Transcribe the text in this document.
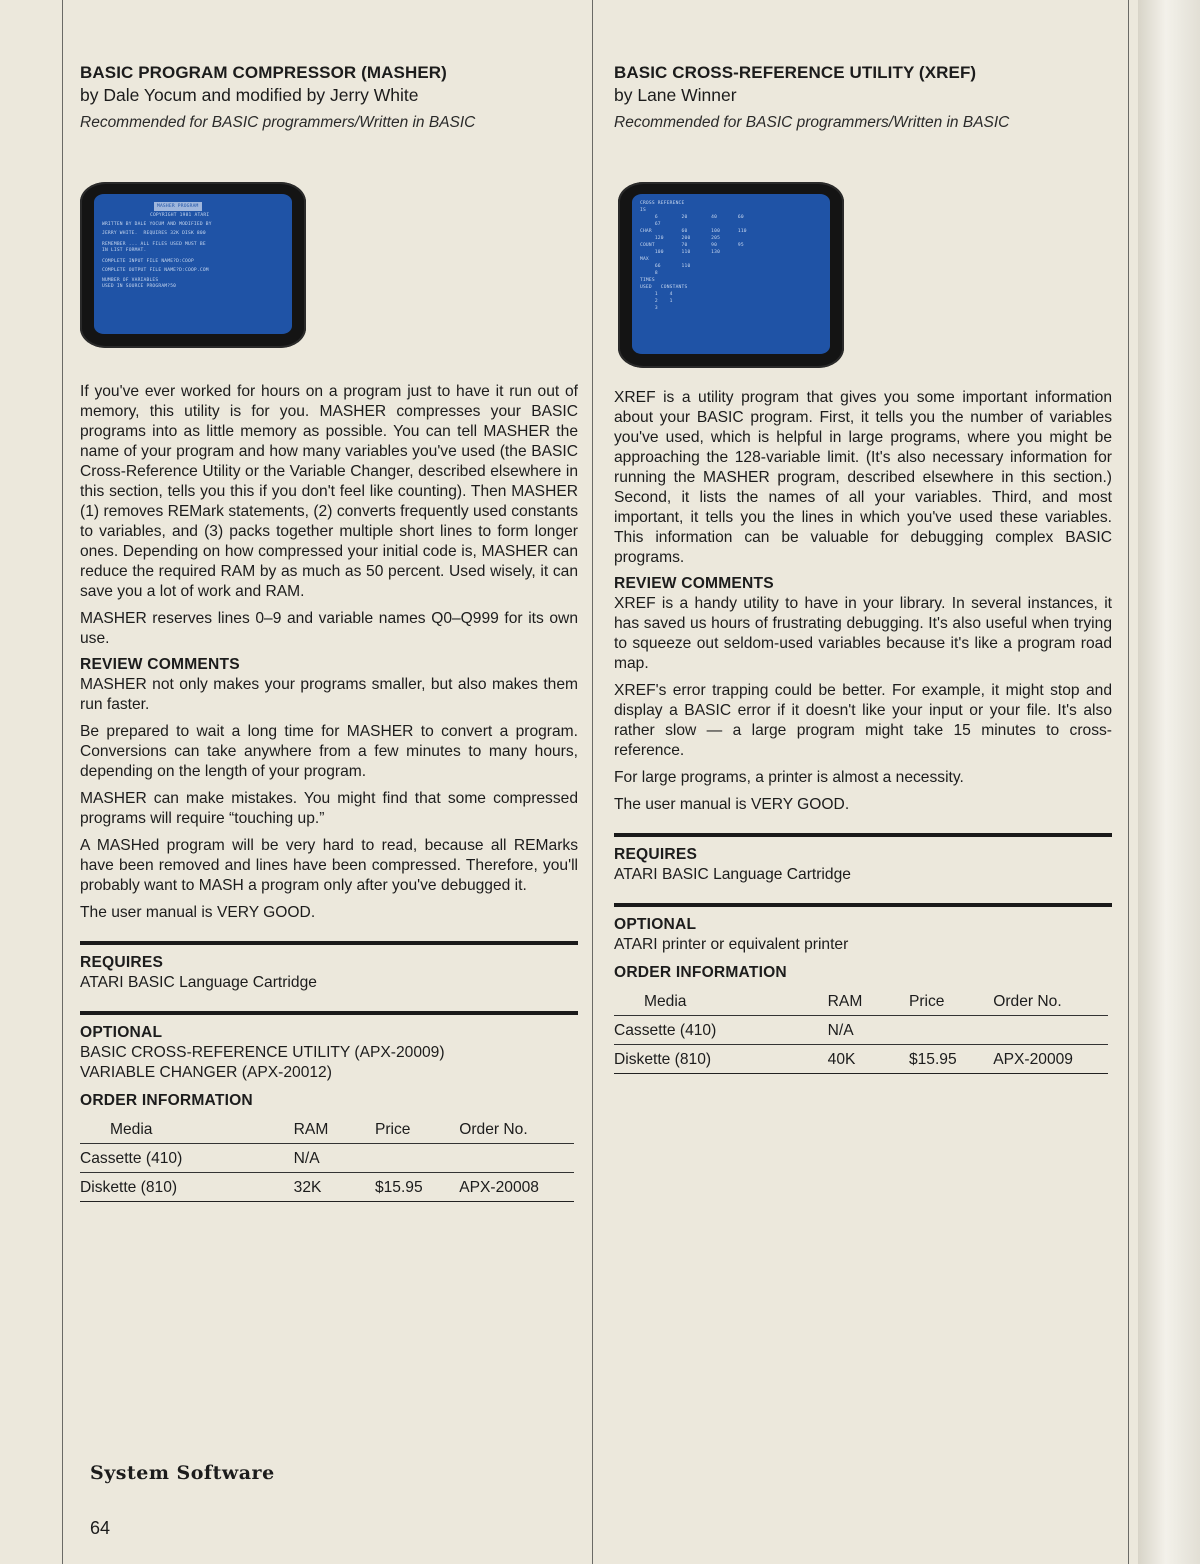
BASIC PROGRAM COMPRESSOR (MASHER)

by Dale Yocum and modified by Jerry White

Recommended for BASIC programmers/Written in BASIC

MASHER PROGRAM
COPYRIGHT 1981 ATARI
WRITTEN BY DALE YOCUM AND MODIFIED BY
JERRY WHITE.  REQUIRES 32K DISK 800
REMEMBER ... ALL FILES USED MUST BE
IN LIST FORMAT.
COMPLETE INPUT FILE NAME?D:COOP
COMPLETE OUTPUT FILE NAME?D:COOP.COM
NUMBER OF VARIABLES
USED IN SOURCE PROGRAM?50

If you've ever worked for hours on a program just to have it run out of memory, this utility is for you. MASHER compresses your BASIC programs into as little memory as possible. You can tell MASHER the name of your program and how many variables you've used (the BASIC Cross-Reference Utility or the Variable Changer, described elsewhere in this section, tells you this if you don't feel like counting). Then MASHER (1) removes REMark statements, (2) converts frequently used constants to variables, and (3) packs together multiple short lines to form longer ones. Depending on how compressed your initial code is, MASHER can reduce the required RAM by as much as 50 percent. Used wisely, it can save you a lot of work and RAM.

MASHER reserves lines 0–9 and variable names Q0–Q999 for its own use.

REVIEW COMMENTS

MASHER not only makes your programs smaller, but also makes them run faster.

Be prepared to wait a long time for MASHER to convert a program. Conversions can take anywhere from a few minutes to many hours, depending on the length of your program.

MASHER can make mistakes. You might find that some compressed programs will require “touching up.”

A MASHed program will be very hard to read, because all REMarks have been removed and lines have been compressed. Therefore, you'll probably want to MASH a program only after you've debugged it.

The user manual is VERY GOOD.

REQUIRES

ATARI BASIC Language Cartridge

OPTIONAL

BASIC CROSS-REFERENCE UTILITY (APX-20009)

VARIABLE CHANGER (APX-20012)

ORDER INFORMATION

Media	RAM	Price	Order No.
Cassette (410)	N/A		
Diskette (810)	32K	$15.95	APX-20008

BASIC CROSS-REFERENCE UTILITY (XREF)

by Lane Winner

Recommended for BASIC programmers/Written in BASIC

CROSS REFERENCE
IS
6        20        40       60
67
CHAR          60        100      110
120      200       205
COUNT         70        90       95
100      110       130
MAX
66       110
8
TIMES
USED   CONSTANTS
1    4
2    1
3

XREF is a utility program that gives you some important information about your BASIC program. First, it tells you the number of variables you've used, which is helpful in large programs, where you might be approaching the 128-variable limit. (It's also necessary information for running the MASHER program, described elsewhere in this section.) Second, it lists the names of all your variables. Third, and most important, it tells you the lines in which you've used these variables. This information can be valuable for debugging complex BASIC programs.

REVIEW COMMENTS

XREF is a handy utility to have in your library. In several instances, it has saved us hours of frustrating debugging. It's also useful when trying to squeeze out seldom-used variables because it's like a program road map.

XREF's error trapping could be better. For example, it might stop and display a BASIC error if it doesn't like your input or your file. It's also rather slow — a large program might take 15 minutes to cross-reference.

For large programs, a printer is almost a necessity.

The user manual is VERY GOOD.

REQUIRES

ATARI BASIC Language Cartridge

OPTIONAL

ATARI printer or equivalent printer

ORDER INFORMATION

Media	RAM	Price	Order No.
Cassette (410)	N/A		
Diskette (810)	40K	$15.95	APX-20009
System Software
64
